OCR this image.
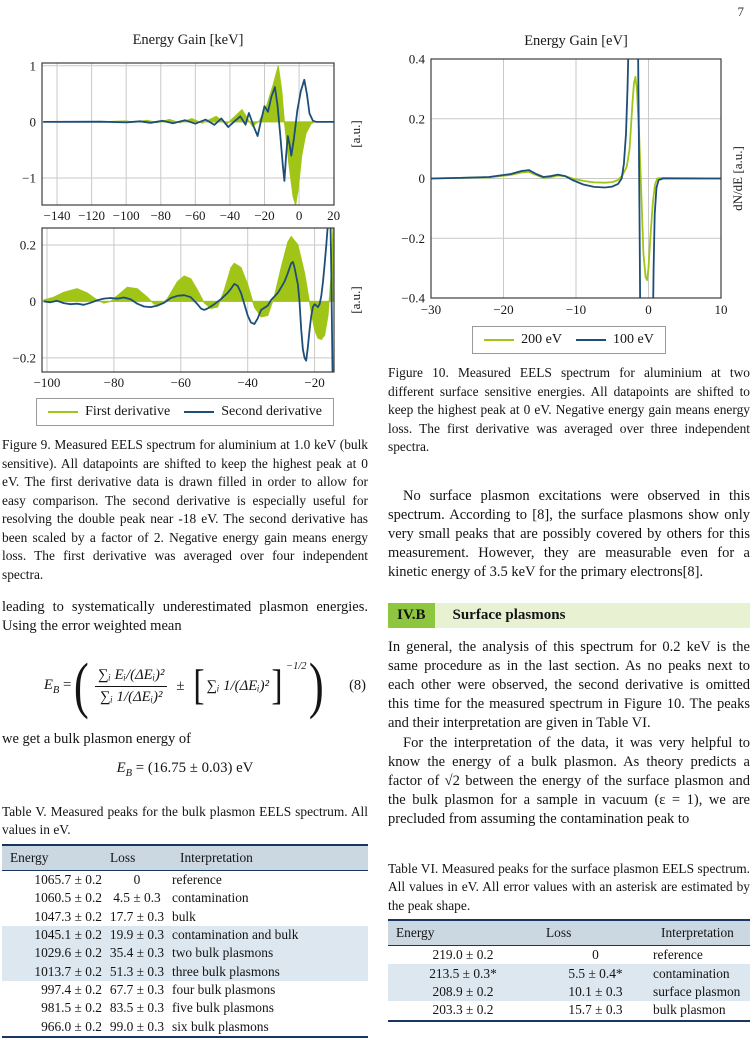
7
−140 −120 −100 −80 −60 −40 −20 0 20
−1
0
1
Energy Gain [keV]
[a.u.]
−100	−80	−60	−40	−20
−0.2
0
0.2
[a.u.]
First derivative	Second derivative
Figure 9. Measured EELS spectrum for aluminium at 1.0 keV (bulk sensitive). All datapoints are shifted to keep the highest peak at 0 eV. The first derivative data is drawn filled in order to allow for easy comparison. The second derivative is especially useful for resolving the double peak near -18 eV. The second derivative has been scaled by a factor of 2. Negative energy gain means energy loss. The first derivative was averaged over four independent spectra.
leading to systematically underestimated plasmon energies. Using the error weighted mean
$E_B$ = ( $\frac{\text{∑ᵢ Eᵢ/(ΔEᵢ)²}}{\text{∑ᵢ 1/(ΔEᵢ)²}}$ ± [ ∑ᵢ 1/(ΔEᵢ)² ] −1/2 ) (8)
we get a bulk plasmon energy of
$E_B = (16.75 \pm 0.03)$ eV
Table V. Measured peaks for the bulk plasmon EELS spectrum. All values in eV.
Energy	Loss	Interpretation
1065.7 ± 0.2	0	reference
1060.5 ± 0.2	4.5 ± 0.3	contamination
1047.3 ± 0.2	17.7 ± 0.3	bulk
1045.1 ± 0.2	19.9 ± 0.3	contamination and bulk
1029.6 ± 0.2	35.4 ± 0.3	two bulk plasmons
1013.7 ± 0.2	51.3 ± 0.3	three bulk plasmons
997.4 ± 0.2	67.7 ± 0.3	four bulk plasmons
981.5 ± 0.2	83.5 ± 0.3	five bulk plasmons
966.0 ± 0.2	99.0 ± 0.3	six bulk plasmons
−30	−20	−10	0	10
−0.4
−0.2
0
0.2
0.4
Energy Gain [eV]
dN/dE [a.u.]
200 eV	100 eV
Figure 10. Measured EELS spectrum for aluminium at two different surface sensitive energies. All datapoints are shifted to keep the highest peak at 0 eV. Negative energy gain means energy loss. The first derivative was averaged over three independent spectra.
No surface plasmon excitations were observed in this spectrum. According to [8], the surface plasmons show only very small peaks that are possibly covered by others for this measurement. However, they are measurable even for a kinetic energy of 3.5 keV for the primary electrons[8].
IV.B	Surface plasmons
In general, the analysis of this spectrum for 0.2 keV is the same procedure as in the last section. As no peaks next to each other were observed, the second derivative is omitted this time for the measured spectrum in Figure 10. The peaks and their interpretation are given in Table VI.
For the interpretation of the data, it was very helpful to know the energy of a bulk plasmon. As theory predicts a factor of √2 between the energy of the surface plasmon and the bulk plasmon for a sample in vacuum (ε = 1), we are precluded from assuming the contamination peak to
Table VI. Measured peaks for the surface plasmon EELS spectrum. All values in eV. All error values with an asterisk are estimated by the peak shape.
Energy	Loss	Interpretation
219.0 ± 0.2	0	reference
213.5 ± 0.3*	5.5 ± 0.4*	contamination
208.9 ± 0.2	10.1 ± 0.3	surface plasmon
203.3 ± 0.2	15.7 ± 0.3	bulk plasmon
